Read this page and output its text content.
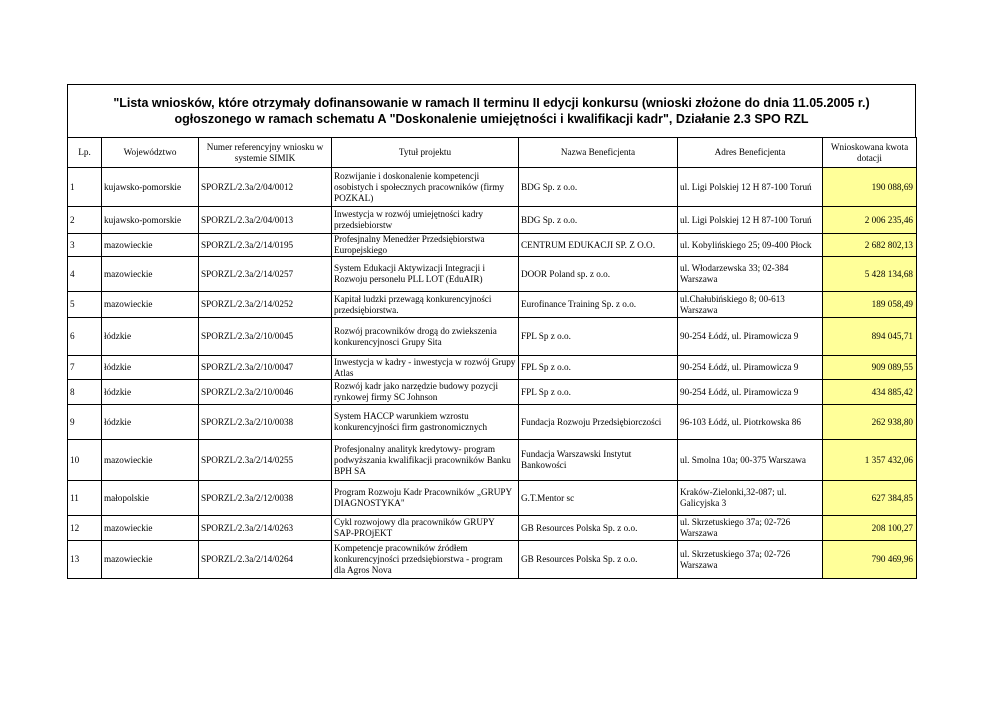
"Lista wniosków, które otrzymały dofinansowanie w ramach II terminu II edycji konkursu (wnioski złożone do dnia 11.05.2005 r.)
ogłoszonego w ramach schematu A "Doskonalenie umiejętności i kwalifikacji kadr", Działanie 2.3 SPO RZL
Lp.	Województwo	Numer referencyjny wniosku w systemie SIMIK	Tytuł projektu	Nazwa Beneficjenta	Adres Beneficjenta	Wnioskowana kwota dotacji
1	kujawsko-pomorskie	SPORZL/2.3a/2/04/0012	Rozwijanie i doskonalenie kompetencji osobistych i społecznych pracowników (firmy POZKAL)	BDG Sp. z o.o.	ul. Ligi Polskiej 12 H 87-100 Toruń	190 088,69
2	kujawsko-pomorskie	SPORZL/2.3a/2/04/0013	Inwestycja w rozwój umiejętności kadry przedsiebiorstw	BDG Sp. z o.o.	ul. Ligi Polskiej 12 H 87-100 Toruń	2 006 235,46
3	mazowieckie	SPORZL/2.3a/2/14/0195	Profesjnalny Menedżer Przedsiębiorstwa Europejskiego	CENTRUM EDUKACJI SP. Z O.O.	ul. Kobylińskiego 25; 09-400 Płock	2 682 802,13
4	mazowieckie	SPORZL/2.3a/2/14/0257	System Edukacji Aktywizacji Integracji i Rozwoju personelu PLL LOT (EduAIR)	DOOR Poland sp. z o.o.	ul. Włodarzewska 33; 02-384 Warszawa	5 428 134,68
5	mazowieckie	SPORZL/2.3a/2/14/0252	Kapitał ludzki przewagą konkurencyjności przedsiębiorstwa.	Eurofinance Training Sp. z o.o.	ul.Chałubińskiego 8; 00-613 Warszawa	189 058,49
6	łódzkie	SPORZL/2.3a/2/10/0045	Rozwój pracowników drogą do zwiekszenia konkurencyjnosci Grupy Sita	FPL Sp z o.o.	90-254 Łódź, ul. Piramowicza 9	894 045,71
7	łódzkie	SPORZL/2.3a/2/10/0047	Inwestycja w kadry - inwestycja w rozwój Grupy Atlas	FPL Sp z o.o.	90-254 Łódź, ul. Piramowicza 9	909 089,55
8	łódzkie	SPORZL/2.3a/2/10/0046	Rozwój kadr jako narzędzie budowy pozycji rynkowej firmy SC Johnson	FPL Sp z o.o.	90-254 Łódź, ul. Piramowicza 9	434 885,42
9	łódzkie	SPORZL/2.3a/2/10/0038	System HACCP warunkiem wzrostu konkurencyjności firm gastronomicznych	Fundacja Rozwoju Przedsiębiorczości	96-103 Łódź, ul. Piotrkowska 86	262 938,80
10	mazowieckie	SPORZL/2.3a/2/14/0255	Profesjonalny analityk kredytowy- program podwyższania kwalifikacji pracowników Banku BPH SA	Fundacja Warszawski Instytut Bankowości	ul. Smolna 10a; 00-375 Warszawa	1 357 432,06
11	małopolskie	SPORZL/2.3a/2/12/0038	Program Rozwoju Kadr Pracowników „GRUPY DIAGNOSTYKA"	G.T.Mentor sc	Kraków-Zielonki,32-087; ul. Galicyjska 3	627 384,85
12	mazowieckie	SPORZL/2.3a/2/14/0263	Cykl rozwojowy dla pracowników GRUPY SAP-PROjEKT	GB Resources Polska Sp. z o.o.	ul. Skrzetuskiego 37a; 02-726 Warszawa	208 100,27
13	mazowieckie	SPORZL/2.3a/2/14/0264	Kompetencje pracowników źródłem konkurencyjności przedsiębiorstwa - program dla Agros Nova	GB Resources Polska Sp. z o.o.	ul. Skrzetuskiego 37a; 02-726 Warszawa	790 469,96
